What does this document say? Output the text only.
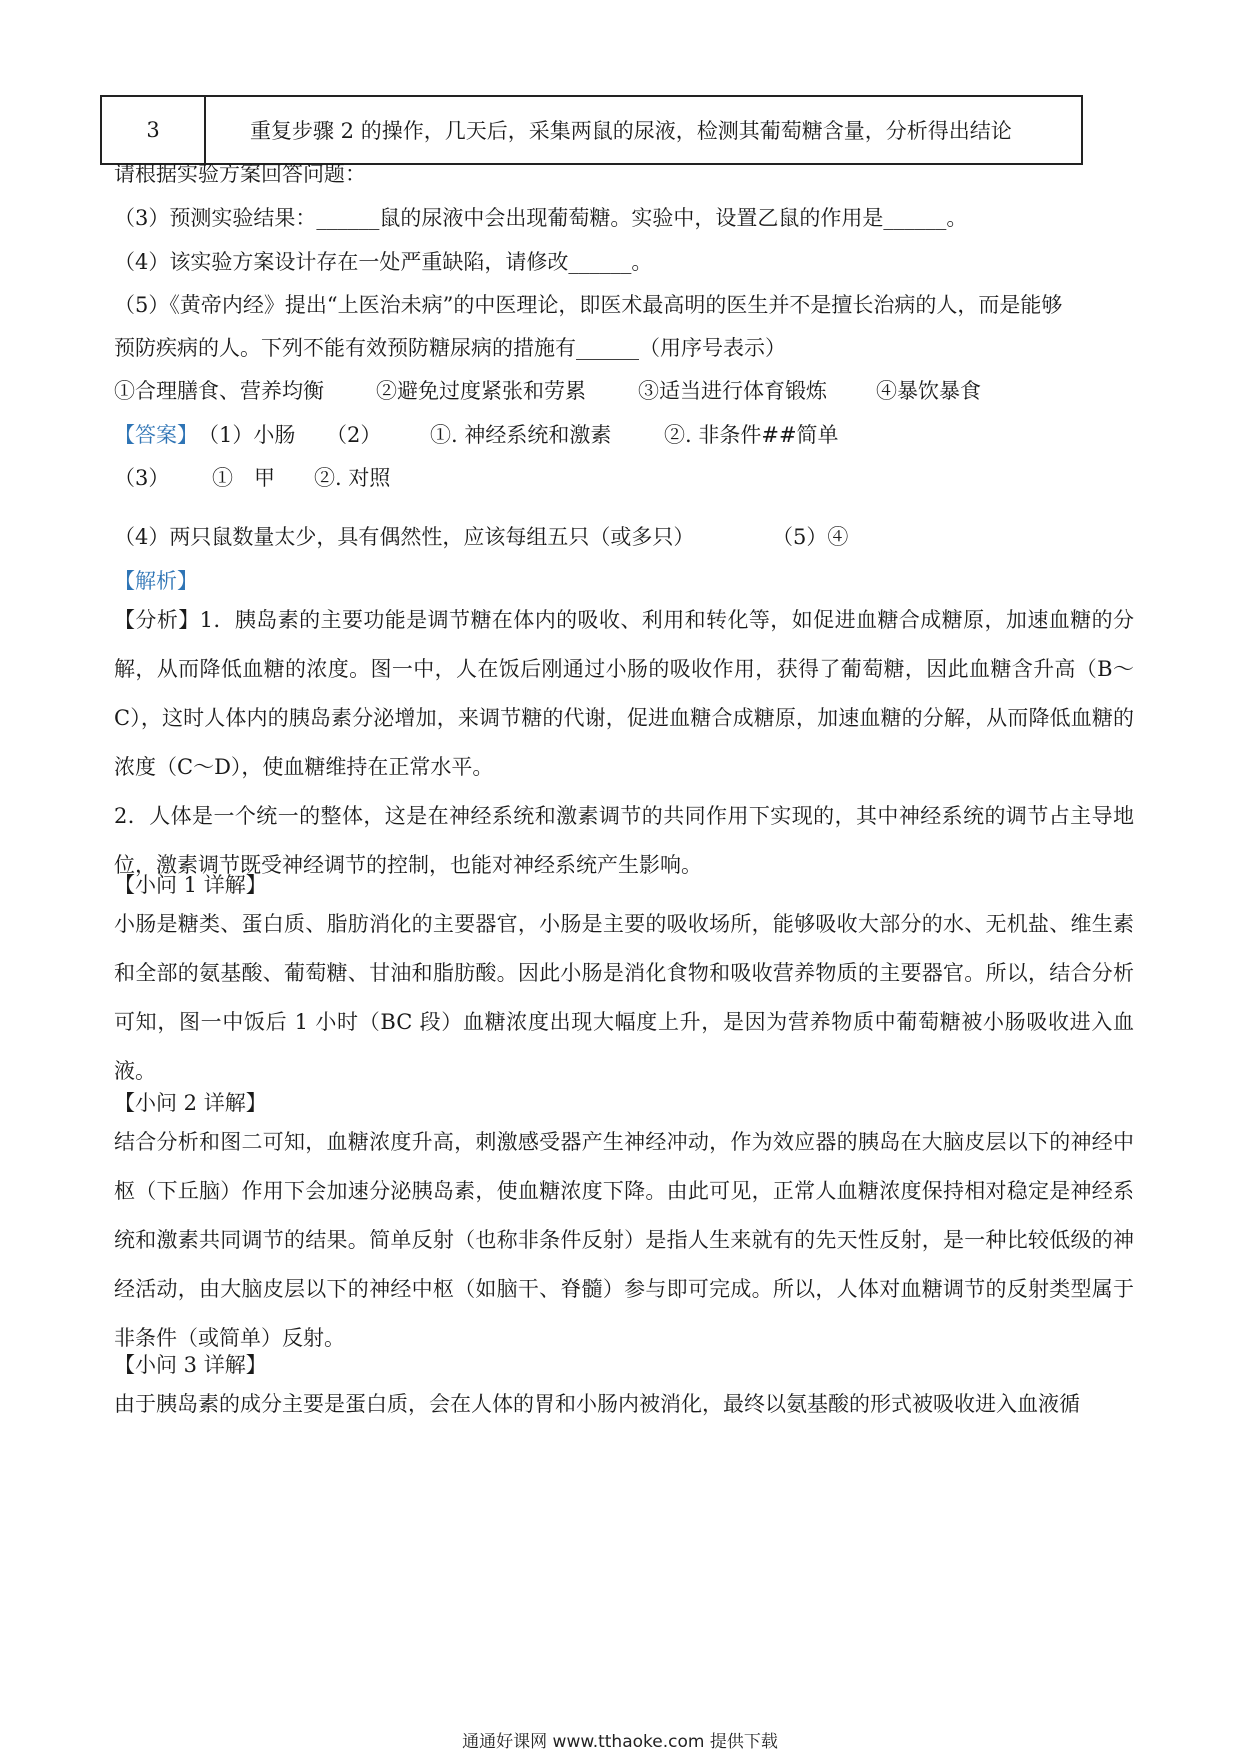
3	重复步骤 2 的操作，几天后，采集两鼠的尿液，检测其葡萄糖含量，分析得出结论
请根据实验方案回答问题：
（3）预测实验结果：______鼠的尿液中会出现葡萄糖。实验中，设置乙鼠的作用是______。
（4）该实验方案设计存在一处严重缺陷，请修改______。
（5）《黄帝内经》提出“上医治未病”的中医理论，即医术最高明的医生并不是擅长治病的人，而是能够
预防疾病的人。下列不能有效预防糖尿病的措施有______（用序号表示）
①合理膳食、营养均衡 ②避免过度紧张和劳累 ③适当进行体育锻炼 ④暴饮暴食
【答案】 （1）小肠 （2） ①. 神经系统和激素	②. 非条件##简单
（3） ①　甲 ②. 对照
（4）两只鼠数量太少，具有偶然性，应该每组五只（或多只）	（5）④
【解析】
【分析】1．胰岛素的主要功能是调节糖在体内的吸收、利用和转化等，如促进血糖合成糖原，加速血糖的分解，从而降低血糖的浓度。图一中，人在饭后刚通过小肠的吸收作用，获得了葡萄糖，因此血糖含升高（B～C），这时人体内的胰岛素分泌增加，来调节糖的代谢，促进血糖合成糖原，加速血糖的分解，从而降低血糖的浓度（C～D），使血糖维持在正常水平。
2．人体是一个统一的整体，这是在神经系统和激素调节的共同作用下实现的，其中神经系统的调节占主导地位，激素调节既受神经调节的控制，也能对神经系统产生影响。
【小问 1 详解】
小肠是糖类、蛋白质、脂肪消化的主要器官，小肠是主要的吸收场所，能够吸收大部分的水、无机盐、维生素和全部的氨基酸、葡萄糖、甘油和脂肪酸。因此小肠是消化食物和吸收营养物质的主要器官。所以，结合分析可知，图一中饭后 1 小时（BC 段）血糖浓度出现大幅度上升，是因为营养物质中葡萄糖被小肠吸收进入血液。
【小问 2 详解】
结合分析和图二可知，血糖浓度升高，刺激感受器产生神经冲动，作为效应器的胰岛在大脑皮层以下的神经中枢（下丘脑）作用下会加速分泌胰岛素，使血糖浓度下降。由此可见，正常人血糖浓度保持相对稳定是神经系统和激素共同调节的结果。简单反射（也称非条件反射）是指人生来就有的先天性反射，是一种比较低级的神经活动，由大脑皮层以下的神经中枢（如脑干、脊髓）参与即可完成。所以，人体对血糖调节的反射类型属于非条件（或简单）反射。
【小问 3 详解】
由于胰岛素的成分主要是蛋白质，会在人体的胃和小肠内被消化，最终以氨基酸的形式被吸收进入血液循
通通好课网 www.tthaoke.com 提供下载
